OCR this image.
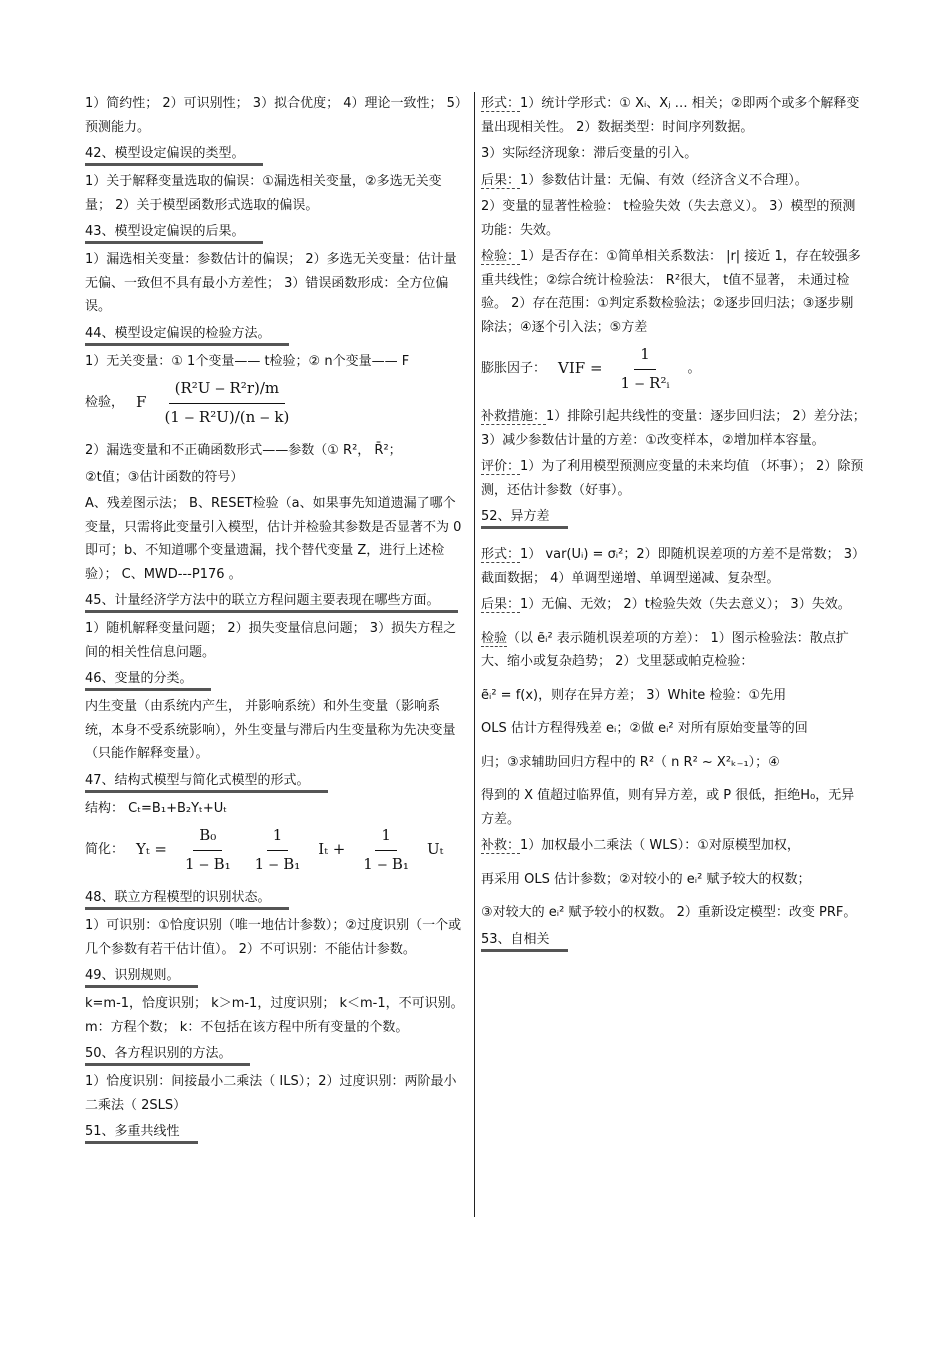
1）简约性； 2）可识别性； 3）拟合优度； 4）理论一致性； 5）预测能力。

42、模型设定偏误的类型。

1）关于解释变量选取的偏误：①漏选相关变量，②多选无关变量； 2）关于模型函数形式选取的偏误。

43、模型设定偏误的后果。

1）漏选相关变量：参数估计的偏误； 2）多选无关变量：估计量无偏、一致但不具有最小方差性； 3）错误函数形成：全方位偏误。

44、模型设定偏误的检验方法。

1）无关变量：① 1个变量—— t检验；② n个变量—— F

检验， F $\frac{\text{(R²U ‒ R²r)/m}}{\text{(1 ‒ R²U)/(n ‒ k)}}$

2）漏选变量和不正确函数形式——参数（① R²， R̄²；

②t值；③估计函数的符号）

A、残差图示法； B、RESET检验（a、如果事先知道遗漏了哪个变量，只需将此变量引入模型，估计并检验其参数是否显著不为 0即可；b、不知道哪个变量遗漏，找个替代变量 Z，进行上述检验）； C、MWD---P176 。

45、计量经济学方法中的联立方程问题主要表现在哪些方面。

1）随机解释变量问题； 2）损失变量信息问题； 3）损失方程之间的相关性信息问题。

46、变量的分类。

内生变量（由系统内产生， 并影响系统）和外生变量（影响系统，本身不受系统影响），外生变量与滞后内生变量称为先决变量（只能作解释变量）。

47、结构式模型与简化式模型的形式。

结构： Cₜ=B₁+B₂Yₜ+Uₜ

简化： $Y_t = \frac{\text{B₀}}{\text{1 ‒ B₁}} \frac{1}{\text{1 ‒ B₁}}$ $I_t + \frac{1}{\text{1 ‒ B₁}}$ Uₜ
48、联立方程模型的识别状态。

1）可识别：①恰度识别（唯一地估计参数）；②过度识别（一个或几个参数有若干估计值）。 2）不可识别：不能估计参数。

49、识别规则。

k=m-1，恰度识别； k＞m-1，过度识别； k＜m-1，不可识别。 m：方程个数； k：不包括在该方程中所有变量的个数。

50、各方程识别的方法。

1）恰度识别：间接最小二乘法（ ILS）；2）过度识别：两阶最小二乘法（ 2SLS）

51、多重共线性

形式：1）统计学形式：① Xᵢ、Xⱼ … 相关；②即两个或多个解释变量出现相关性。 2）数据类型：时间序列数据。

3）实际经济现象：滞后变量的引入。

后果：1）参数估计量：无偏、有效（经济含义不合理）。

2）变量的显著性检验： t检验失效（失去意义）。 3）模型的预测功能：失效。

检验：1）是否存在：①简单相关系数法： |r| 接近 1，存在较强多重共线性；②综合统计检验法： R²很大， t值不显著， 未通过检验。 2）存在范围：①判定系数检验法；②逐步回归法；③逐步剔除法；④逐个引入法；⑤方差

膨胀因子： VIF = $\frac{1}{\text{1 ‒ R²ᵢ}}$ 。

补救措施：1）排除引起共线性的变量：逐步回归法； 2）差分法； 3）减少参数估计量的方差：①改变样本，②增加样本容量。

评价：1）为了利用模型预测应变量的未来均值 （坏事）； 2）除预测，还估计参数（好事）。

52、异方差

形式：1） var(Uᵢ) = σᵢ²；2）即随机误差项的方差不是常数； 3）截面数据； 4）单调型递增、单调型递减、复杂型。

后果：1）无偏、无效； 2）t检验失效（失去意义）； 3）失效。

检验（以 ẽᵢ² 表示随机误差项的方差）： 1）图示检验法：散点扩大、缩小或复杂趋势； 2）戈里瑟或帕克检验：

ẽᵢ² = f(x)，则存在异方差； 3）White 检验：①先用

OLS 估计方程得残差 eᵢ；②做 eᵢ² 对所有原始变量等的回

归；③求辅助回归方程中的 R²（ n R² ~ X²ₖ₋₁）；④

得到的 X 值超过临界值，则有异方差，或 P 很低，拒绝H₀，无异方差。

补救：1）加权最小二乘法（ WLS）：①对原模型加权，

再采用 OLS 估计参数；②对较小的 eᵢ² 赋予较大的权数；

③对较大的 eᵢ² 赋予较小的权数。 2）重新设定模型：改变 PRF。

53、自相关
